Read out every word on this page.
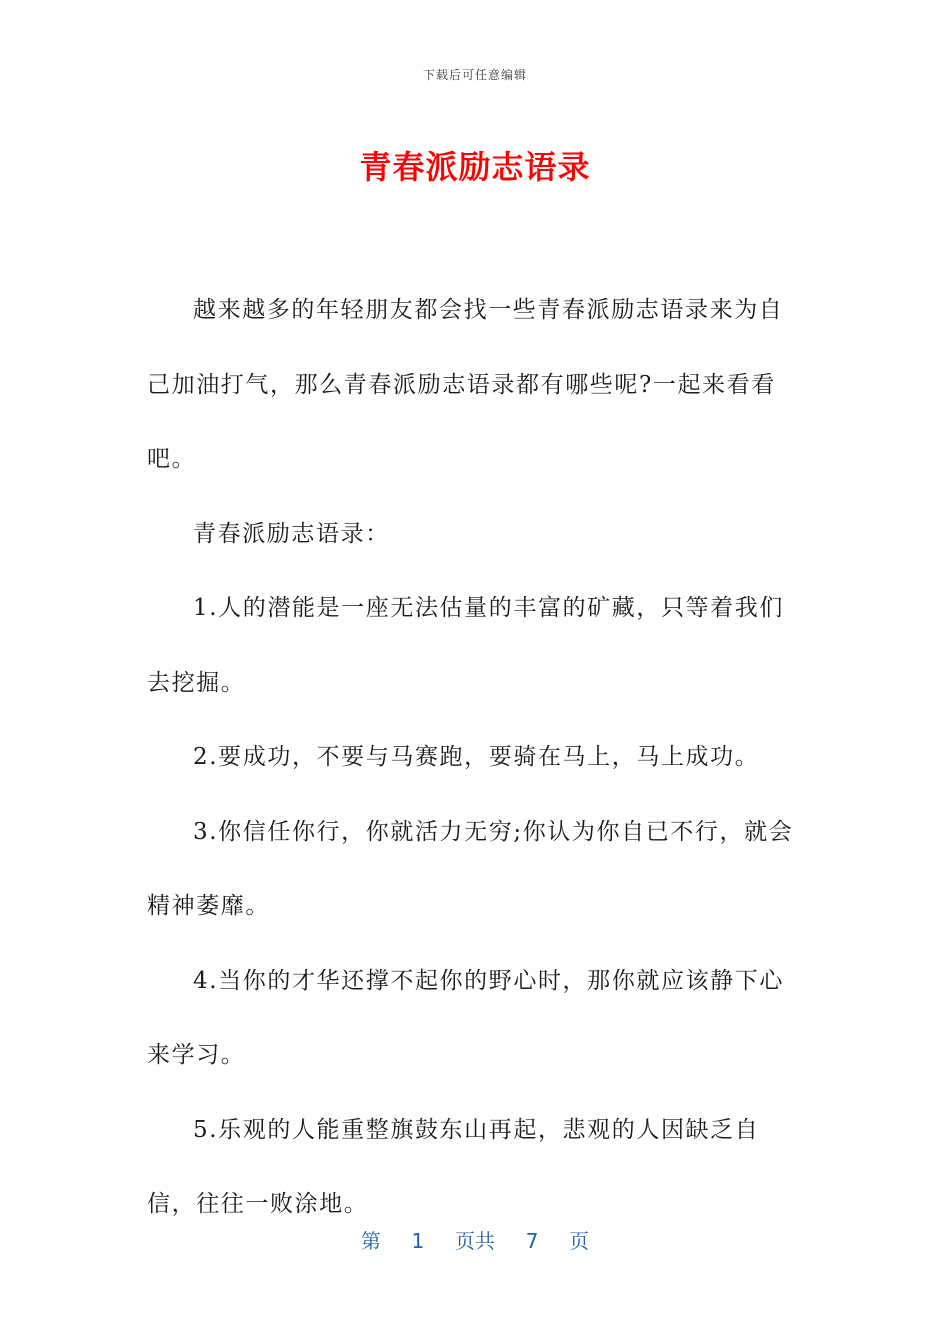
下载后可任意编辑
青春派励志语录

越来越多的年轻朋友都会找一些青春派励志语录来为自己加油打气，那么青春派励志语录都有哪些呢?一起来看看吧。

青春派励志语录：

1.人的潜能是一座无法估量的丰富的矿藏，只等着我们去挖掘。

2.要成功，不要与马赛跑，要骑在马上，马上成功。

3.你信任你行，你就活力无穷;你认为你自已不行，就会精神萎靡。

4.当你的才华还撑不起你的野心时，那你就应该静下心来学习。

5.乐观的人能重整旗鼓东山再起，悲观的人因缺乏自信，往往一败涂地。

第 1 页共 7 页
